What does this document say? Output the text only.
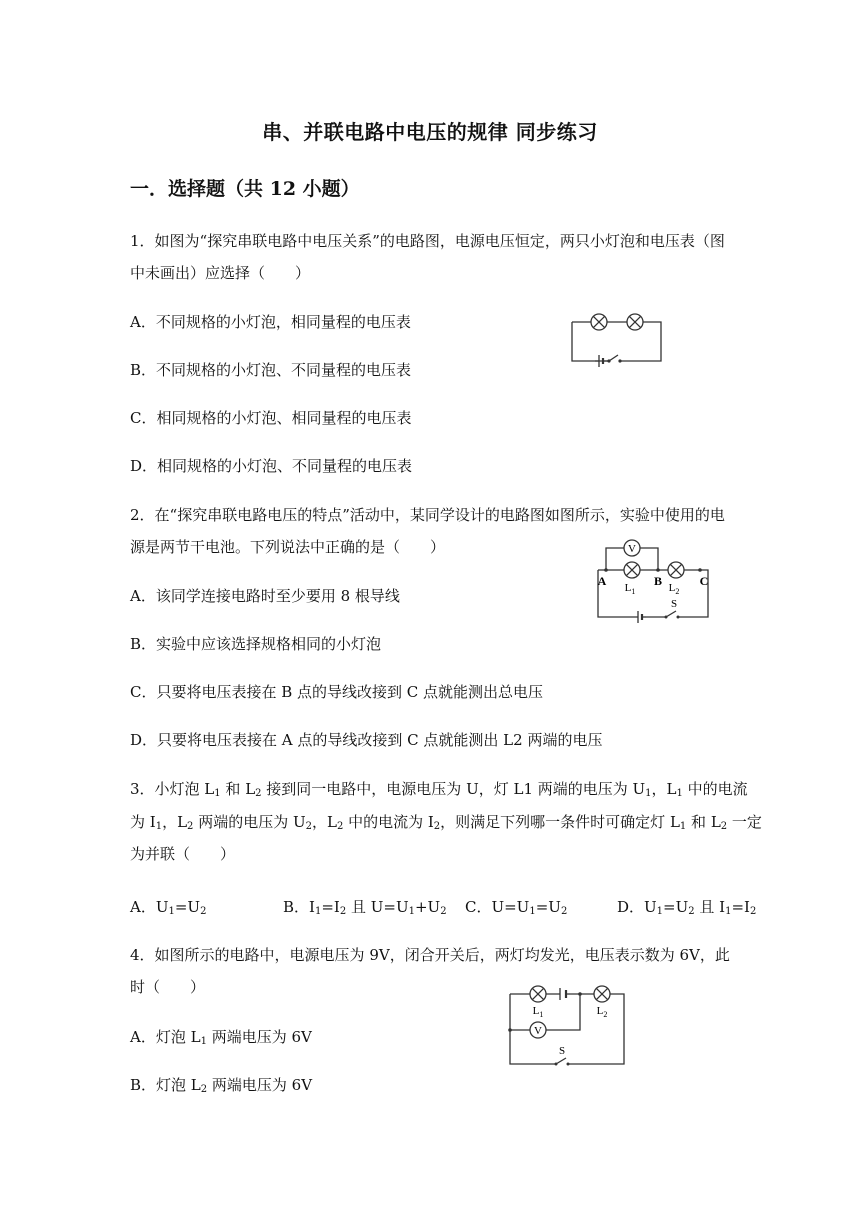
串、并联电路中电压的规律 同步练习
一．选择题（共 12 小题）
1．如图为“探究串联电路中电压关系”的电路图，电源电压恒定，两只小灯泡和电压表（图
中未画出）应选择（　　）
A．不同规格的小灯泡，相同量程的电压表
B．不同规格的小灯泡、不同量程的电压表
C．相同规格的小灯泡、相同量程的电压表
D．相同规格的小灯泡、不同量程的电压表
2．在“探究串联电路电压的特点”活动中，某同学设计的电路图如图所示，实验中使用的电
源是两节干电池。下列说法中正确的是（　　）
A．该同学连接电路时至少要用 8 根导线
B．实验中应该选择规格相同的小灯泡
C．只要将电压表接在 B 点的导线改接到 C 点就能测出总电压
D．只要将电压表接在 A 点的导线改接到 C 点就能测出 L2 两端的电压
V
A	B	C
$L_1$	$L_2$
S
3．小灯泡 $L_1$ 和 $L_2$ 接到同一电路中，电源电压为 U，灯 L1 两端的电压为 $U_1$，$L_1$ 中的电流
为 $I_1$，$L_2$ 两端的电压为 $U_2$，$L_2$ 中的电流为 $I_2$，则满足下列哪一条件时可确定灯 $L_1$ 和 $L_2$ 一定
为并联（　　）
A．$U_1=U_2$	B．$I_1=I_2$ 且 $U=U_1+U_2$ C．$U=U_1=U_2$	D．$U_1=U_2$ 且 $I_1=I_2$
4．如图所示的电路中，电源电压为 9V，闭合开关后，两灯均发光，电压表示数为 6V，此
时（　　）
A．灯泡 $L_1$ 两端电压为 6V
B．灯泡 $L_2$ 两端电压为 6V
V
$L_1$	$L_2$
S
